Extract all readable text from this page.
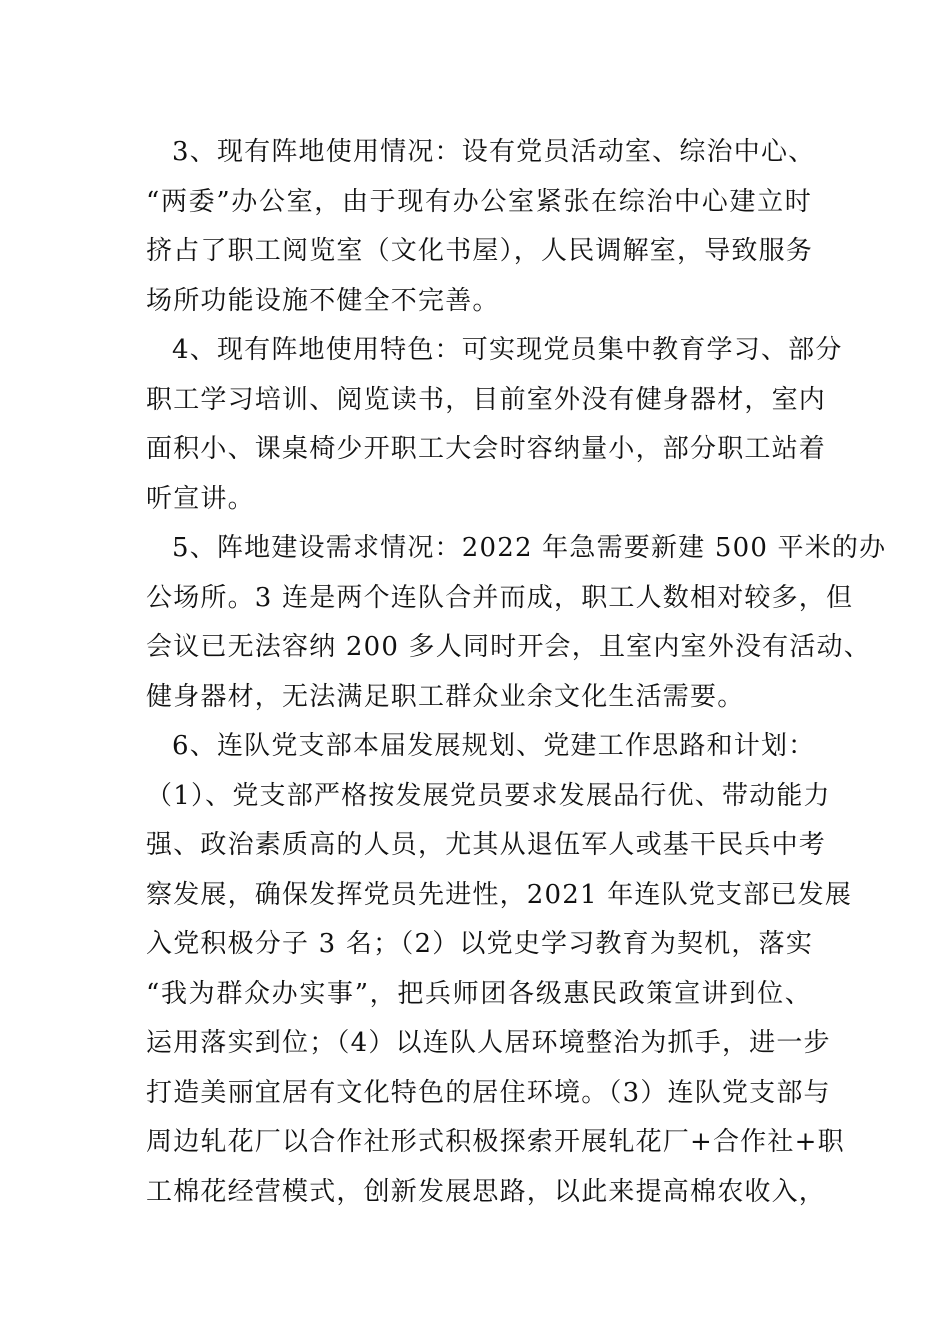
3、现有阵地使用情况：设有党员活动室、综治中心、
“两委”办公室，由于现有办公室紧张在综治中心建立时
挤占了职工阅览室（文化书屋），人民调解室，导致服务
场所功能设施不健全不完善。
4、现有阵地使用特色：可实现党员集中教育学习、部分
职工学习培训、阅览读书，目前室外没有健身器材，室内
面积小、课桌椅少开职工大会时容纳量小，部分职工站着
听宣讲。
5、阵地建设需求情况：2022 年急需要新建 500 平米的办
公场所。3 连是两个连队合并而成，职工人数相对较多，但
会议已无法容纳 200 多人同时开会，且室内室外没有活动、
健身器材，无法满足职工群众业余文化生活需要。
6、连队党支部本届发展规划、党建工作思路和计划：
（1）、党支部严格按发展党员要求发展品行优、带动能力
强、政治素质高的人员，尤其从退伍军人或基干民兵中考
察发展，确保发挥党员先进性，2021 年连队党支部已发展
入党积极分子 3 名；（2）以党史学习教育为契机，落实
“我为群众办实事”，把兵师团各级惠民政策宣讲到位、
运用落实到位；（4）以连队人居环境整治为抓手，进一步
打造美丽宜居有文化特色的居住环境。（3）连队党支部与
周边轧花厂以合作社形式积极探索开展轧花厂+合作社+职
工棉花经营模式，创新发展思路，以此来提高棉农收入，
